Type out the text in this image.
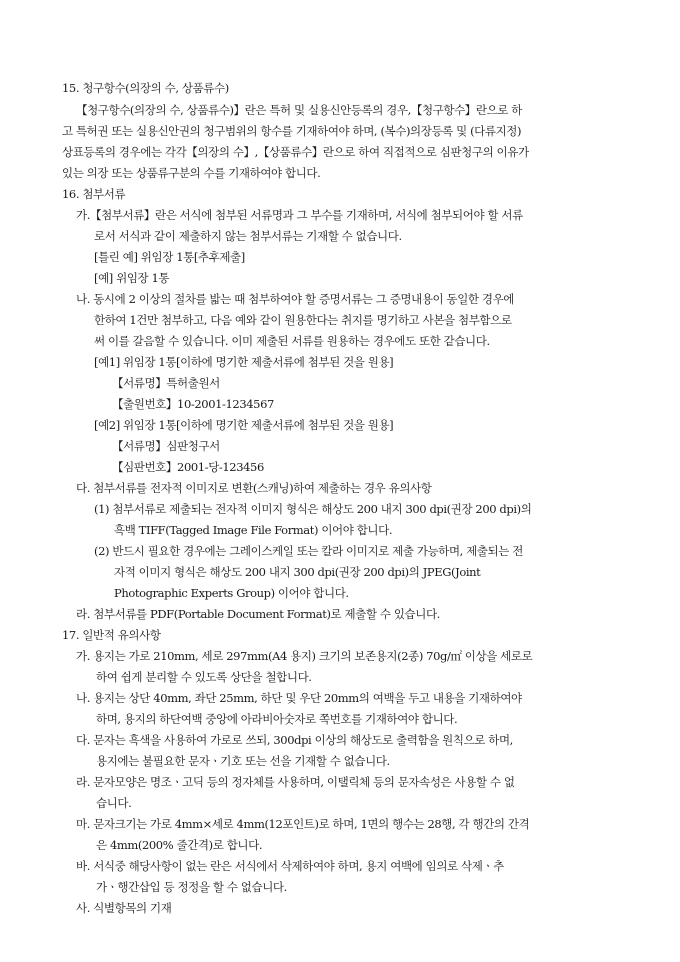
15. 청구항수(의장의 수, 상품류수)
【청구항수(의장의 수, 상품류수)】란은 특허 및 실용신안등록의 경우,【청구항수】란으로 하
고 특허권 또는 실용신안권의 청구범위의 항수를 기재하여야 하며, (복수)의장등록 및 (다류지정)
상표등록의 경우에는 각각【의장의 수】,【상품류수】란으로 하여 직접적으로 심판청구의 이유가
있는 의장 또는 상품류구분의 수를 기재하여야 합니다.
16. 첨부서류
가.【첨부서류】란은 서식에 첨부된 서류명과 그 부수를 기재하며, 서식에 첨부되어야 할 서류
로서 서식과 같이 제출하지 않는 첨부서류는 기재할 수 없습니다.
[틀린 예] 위임장 1통[추후제출]
[예] 위임장 1통
나. 동시에 2 이상의 절차를 밟는 때 첨부하여야 할 증명서류는 그 증명내용이 동일한 경우에
한하여 1건만 첨부하고, 다음 예와 같이 원용한다는 취지를 명기하고 사본을 첨부함으로
써 이를 갈음할 수 있습니다. 이미 제출된 서류를 원용하는 경우에도 또한 같습니다.
[예1] 위임장 1통[이하에 명기한 제출서류에 첨부된 것을 원용]
【서류명】특허출원서
【출원번호】10-2001-1234567
[예2] 위임장 1통[이하에 명기한 제출서류에 첨부된 것을 원용]
【서류명】심판청구서
【심판번호】2001-당-123456
다. 첨부서류를 전자적 이미지로 변환(스캐닝)하여 제출하는 경우 유의사항
(1) 첨부서류로 제출되는 전자적 이미지 형식은 해상도 200 내지 300 dpi(권장 200 dpi)의
흑백 TIFF(Tagged Image File Format) 이어야 합니다.
(2) 반드시 필요한 경우에는 그레이스케일 또는 칼라 이미지로 제출 가능하며, 제출되는 전
자적 이미지 형식은 해상도 200 내지 300 dpi(권장 200 dpi)의 JPEG(Joint
Photographic Experts Group) 이어야 합니다.
라. 첨부서류를 PDF(Portable Document Format)로 제출할 수 있습니다.
17. 일반적 유의사항
가. 용지는 가로 210mm, 세로 297mm(A4 용지) 크기의 보존용지(2종) 70g/㎡ 이상을 세로로
하여 쉽게 분리할 수 있도록 상단을 철합니다.
나. 용지는 상단 40mm, 좌단 25mm, 하단 및 우단 20mm의 여백을 두고 내용을 기재하여야
하며, 용지의 하단여백 중앙에 아라비아숫자로 쪽번호를 기재하여야 합니다.
다. 문자는 흑색을 사용하여 가로로 쓰되, 300dpi 이상의 해상도로 출력함을 원칙으로 하며,
용지에는 불필요한 문자ㆍ기호 또는 선을 기재할 수 없습니다.
라. 문자모양은 명조ㆍ고딕 등의 정자체를 사용하며, 이탤릭체 등의 문자속성은 사용할 수 없
습니다.
마. 문자크기는 가로 4mm×세로 4mm(12포인트)로 하며, 1면의 행수는 28행, 각 행간의 간격
은 4mm(200% 줄간격)로 합니다.
바. 서식중 해당사항이 없는 란은 서식에서 삭제하여야 하며, 용지 여백에 임의로 삭제ㆍ추
가ㆍ행간삽입 등 정정을 할 수 없습니다.
사. 식별항목의 기재
